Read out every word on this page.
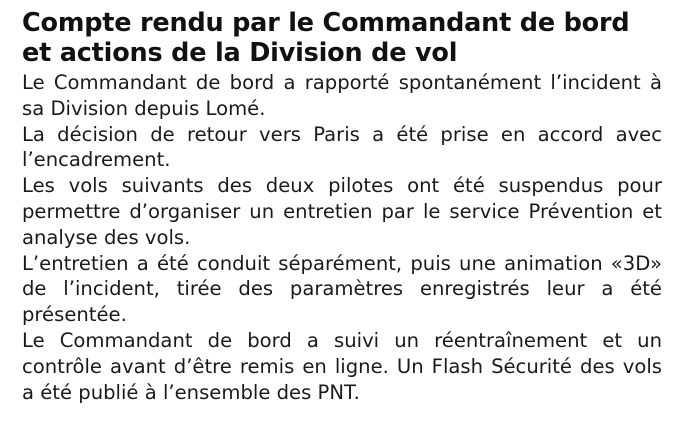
Compte rendu par le Commandant de bord et actions de la Division de vol

Le Commandant de bord a rapporté spontanément l’incident à sa Division depuis Lomé.

La décision de retour vers Paris a été prise en accord avec l’encadrement.

Les vols suivants des deux pilotes ont été suspendus pour permettre d’organiser un entretien par le service Prévention et analyse des vols.

L’entretien a été conduit séparément, puis une animation «3D» de l’incident, tirée des paramètres enregistrés leur a été présentée.

Le Commandant de bord a suivi un réentraînement et un contrôle avant d’être remis en ligne. Un Flash Sécurité des vols a été publié à l’ensemble des PNT.
